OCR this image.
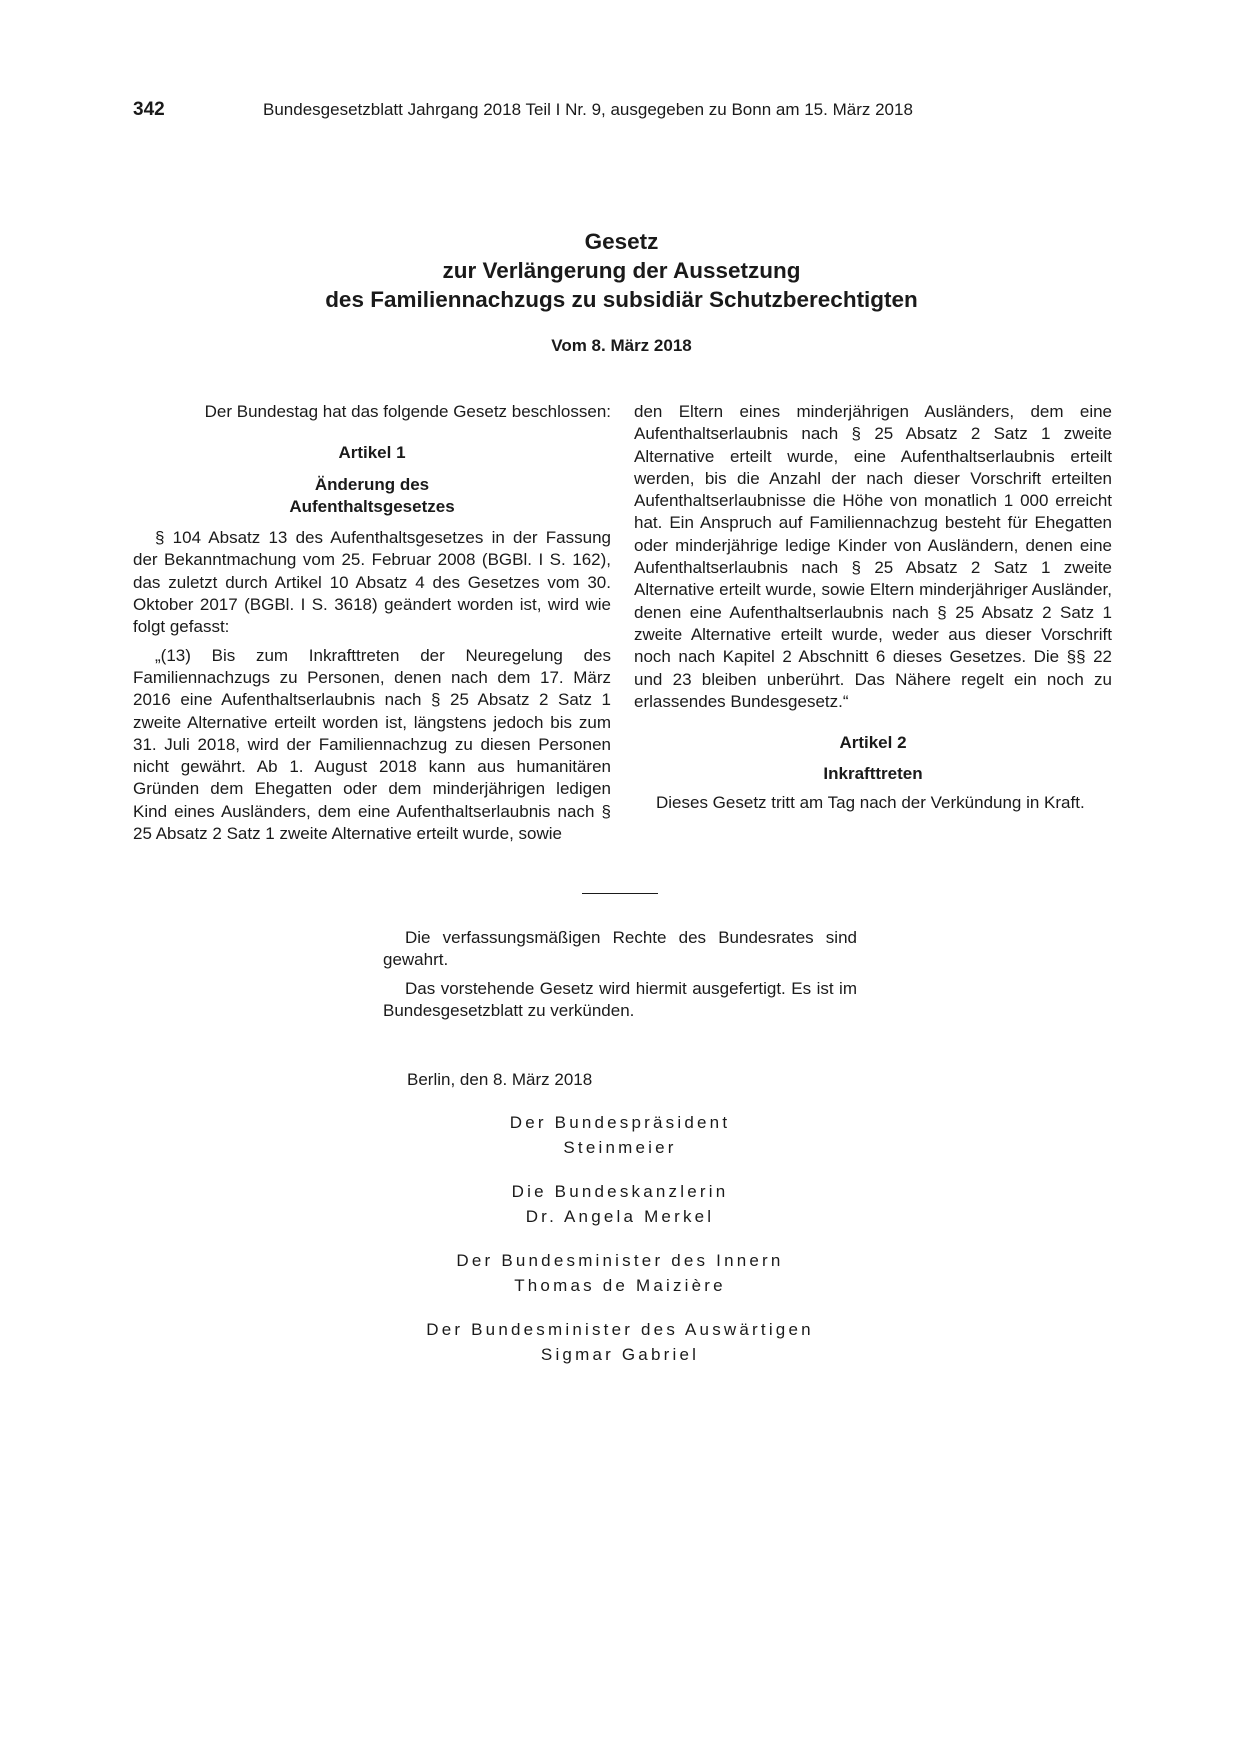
342	Bundesgesetzblatt Jahrgang 2018 Teil I Nr. 9, ausgegeben zu Bonn am 15. März 2018
Gesetz
zur Verlängerung der Aussetzung
des Familiennachzugs zu subsidiär Schutzberechtigten
Vom 8. März 2018

Der Bundestag hat das folgende Gesetz beschlossen:

Artikel 1

Änderung des

Aufenthaltsgesetzes

§ 104 Absatz 13 des Aufenthaltsgesetzes in der Fassung der Bekanntmachung vom 25. Februar 2008 (BGBl. I S. 162), das zuletzt durch Artikel 10 Absatz 4 des Gesetzes vom 30. Oktober 2017 (BGBl. I S. 3618) geändert worden ist, wird wie folgt gefasst:

„(13) Bis zum Inkrafttreten der Neuregelung des Familiennachzugs zu Personen, denen nach dem 17. März 2016 eine Aufenthaltserlaubnis nach § 25 Absatz 2 Satz 1 zweite Alternative erteilt worden ist, längstens jedoch bis zum 31. Juli 2018, wird der Familiennachzug zu diesen Personen nicht gewährt. Ab 1. August 2018 kann aus humanitären Gründen dem Ehegatten oder dem minderjährigen ledigen Kind eines Ausländers, dem eine Aufenthaltserlaubnis nach § 25 Absatz 2 Satz 1 zweite Alternative erteilt wurde, sowie

den Eltern eines minderjährigen Ausländers, dem eine Aufenthaltserlaubnis nach § 25 Absatz 2 Satz 1 zweite Alternative erteilt wurde, eine Aufenthaltserlaubnis erteilt werden, bis die Anzahl der nach dieser Vorschrift erteilten Aufenthaltserlaubnisse die Höhe von monatlich 1 000 erreicht hat. Ein Anspruch auf Familiennachzug besteht für Ehegatten oder minderjährige ledige Kinder von Ausländern, denen eine Aufenthaltserlaubnis nach § 25 Absatz 2 Satz 1 zweite Alternative erteilt wurde, sowie Eltern minderjähriger Ausländer, denen eine Aufenthaltserlaubnis nach § 25 Absatz 2 Satz 1 zweite Alternative erteilt wurde, weder aus dieser Vorschrift noch nach Kapitel 2 Abschnitt 6 dieses Gesetzes. Die §§ 22 und 23 bleiben unberührt. Das Nähere regelt ein noch zu erlassendes Bundesgesetz.“

Artikel 2

Inkrafttreten

Dieses Gesetz tritt am Tag nach der Verkündung in Kraft.

Die verfassungsmäßigen Rechte des Bundesrates sind gewahrt.

Das vorstehende Gesetz wird hiermit ausgefertigt. Es ist im Bundesgesetzblatt zu verkünden.

Berlin, den 8. März 2018
Der Bundespräsident
Steinmeier
Die Bundeskanzlerin
Dr. Angela Merkel
Der Bundesminister des Innern
Thomas de Maizière
Der Bundesminister des Auswärtigen
Sigmar Gabriel
